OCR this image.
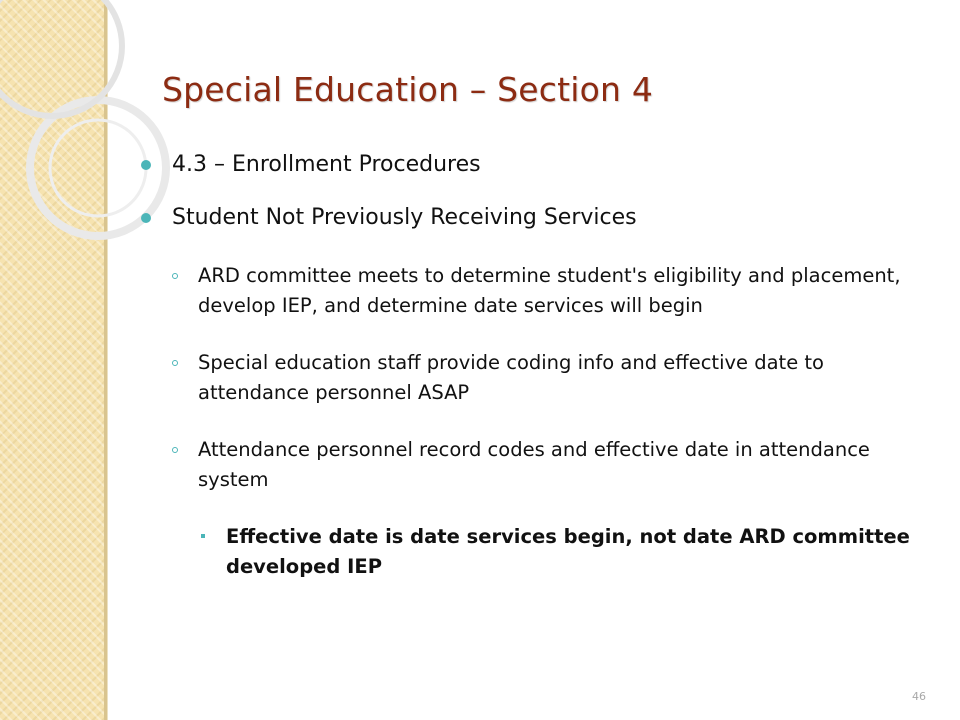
Special Education – Section 4
4.3 – Enrollment Procedures
Student Not Previously Receiving Services
ARD committee meets to determine student's eligibility and placement, develop IEP, and determine date services will begin
Special education staff provide coding info and effective date to attendance personnel ASAP
Attendance personnel record codes and effective date in attendance system
Effective date is date services begin, not date ARD committee developed IEP
46
